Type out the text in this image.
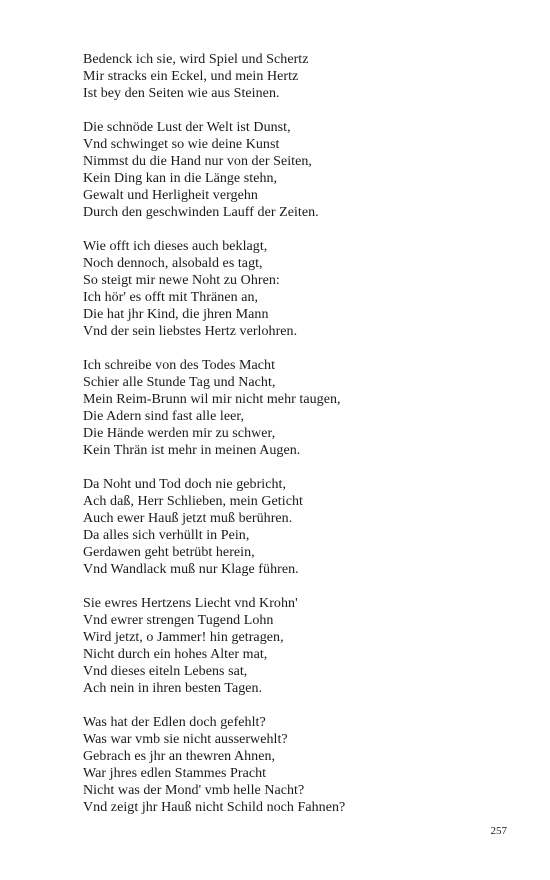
Bedenck ich sie, wird Spiel und Schertz
Mir stracks ein Eckel, und mein Hertz
Ist bey den Seiten wie aus Steinen.
Die schnöde Lust der Welt ist Dunst,
Vnd schwinget so wie deine Kunst
Nimmst du die Hand nur von der Seiten,
Kein Ding kan in die Länge stehn,
Gewalt und Herligheit vergehn
Durch den geschwinden Lauff der Zeiten.
Wie offt ich dieses auch beklagt,
Noch dennoch, alsobald es tagt,
So steigt mir newe Noht zu Ohren:
Ich hör' es offt mit Thränen an,
Die hat jhr Kind, die jhren Mann
Vnd der sein liebstes Hertz verlohren.
Ich schreibe von des Todes Macht
Schier alle Stunde Tag und Nacht,
Mein Reim-Brunn wil mir nicht mehr taugen,
Die Adern sind fast alle leer,
Die Hände werden mir zu schwer,
Kein Thrän ist mehr in meinen Augen.
Da Noht und Tod doch nie gebricht,
Ach daß, Herr Schlieben, mein Geticht
Auch ewer Hauß jetzt muß berühren.
Da alles sich verhüllt in Pein,
Gerdawen geht betrübt herein,
Vnd Wandlack muß nur Klage führen.
Sie ewres Hertzens Liecht vnd Krohn'
Vnd ewrer strengen Tugend Lohn
Wird jetzt, o Jammer! hin getragen,
Nicht durch ein hohes Alter mat,
Vnd dieses eiteln Lebens sat,
Ach nein in ihren besten Tagen.
Was hat der Edlen doch gefehlt?
Was war vmb sie nicht ausserwehlt?
Gebrach es jhr an thewren Ahnen,
War jhres edlen Stammes Pracht
Nicht was der Mond' vmb helle Nacht?
Vnd zeigt jhr Hauß nicht Schild noch Fahnen?
257
